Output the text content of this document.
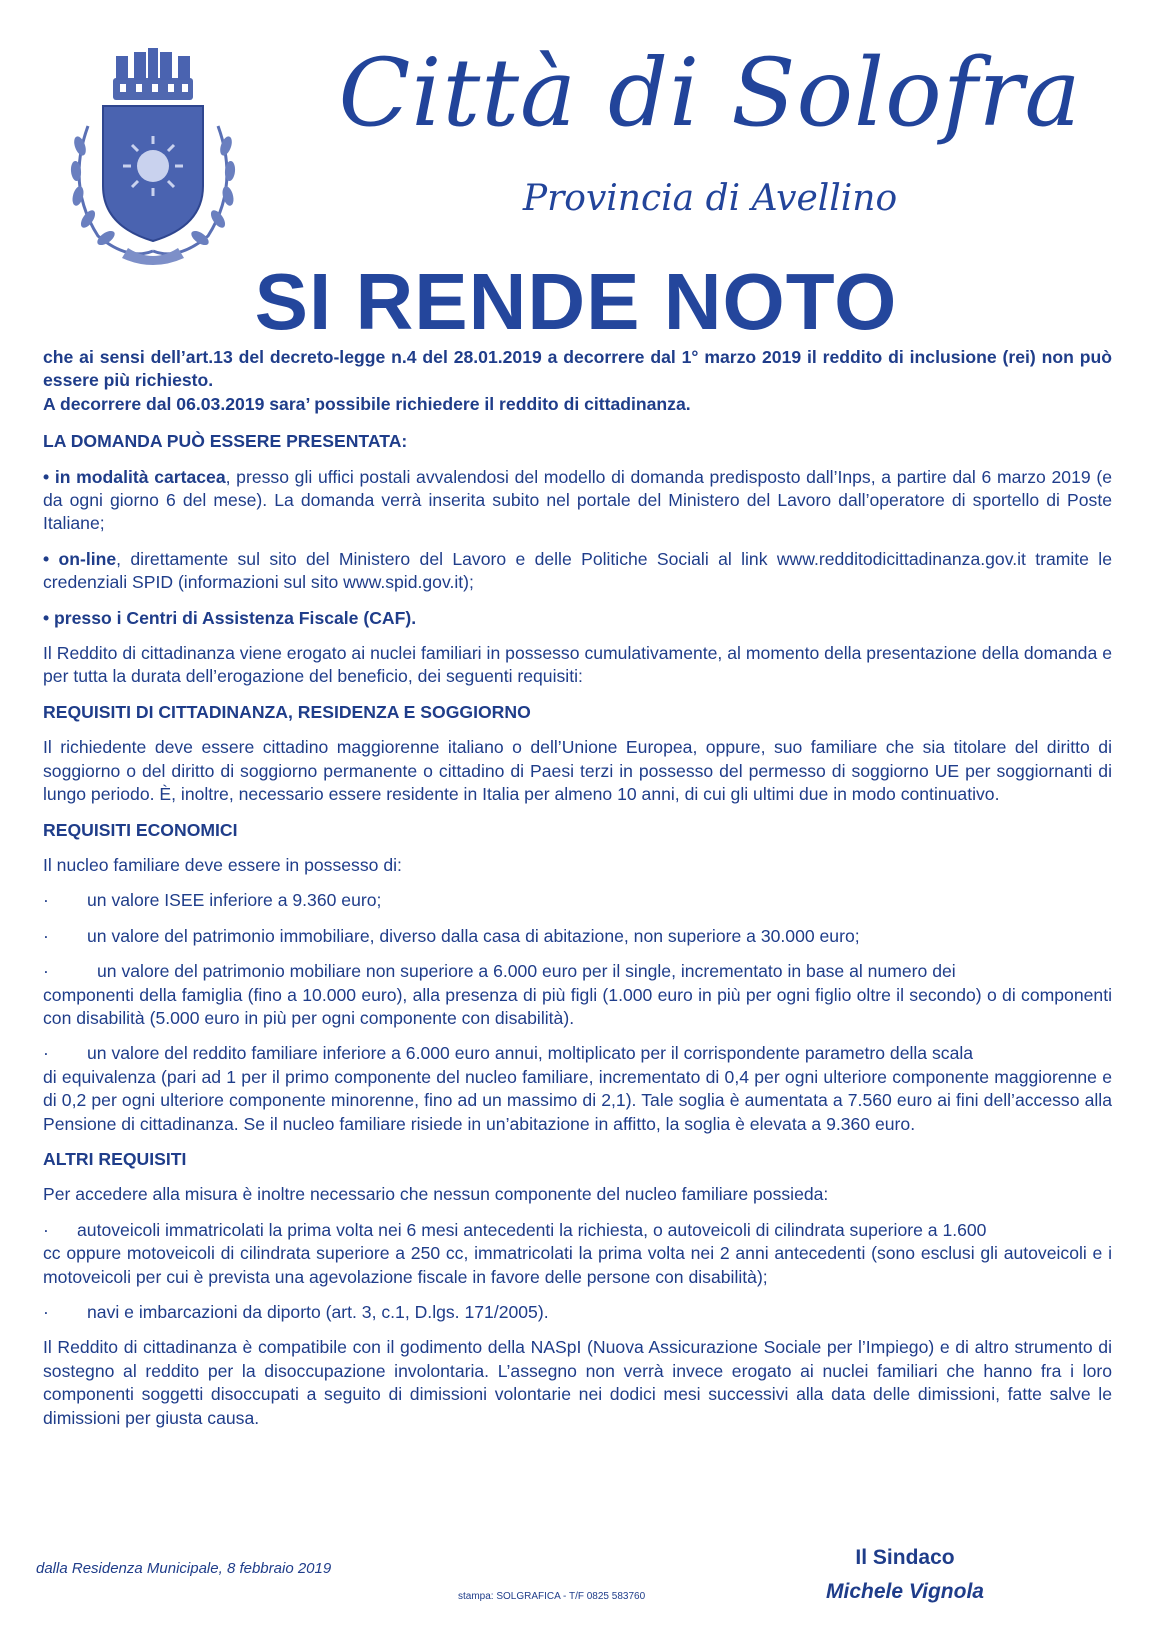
Città di Solofra
Provincia di Avellino
SI RENDE NOTO

che ai sensi dell’art.13 del decreto-legge n.4 del 28.01.2019 a decorrere dal 1° marzo 2019 il reddito di inclusione (rei) non può essere più richiesto.

A decorrere dal 06.03.2019 sara’ possibile richiedere il reddito di cittadinanza.

LA DOMANDA PUÒ ESSERE PRESENTATA:
• in modalità cartacea, presso gli uffici postali avvalendosi del modello di domanda predisposto dall’Inps, a partire dal 6 marzo 2019 (e da ogni giorno 6 del mese). La domanda verrà inserita subito nel portale del Ministero del Lavoro dall’operatore di sportello di Poste Italiane;
• on-line, direttamente sul sito del Ministero del Lavoro e delle Politiche Sociali al link www.redditodicittadinanza.gov.it tramite le credenziali SPID (informazioni sul sito www.spid.gov.it);
• presso i Centri di Assistenza Fiscale (CAF).
Il Reddito di cittadinanza viene erogato ai nuclei familiari in possesso cumulativamente, al momento della presentazione della domanda e per tutta la durata dell’erogazione del beneficio, dei seguenti requisiti:
REQUISITI DI CITTADINANZA, RESIDENZA E SOGGIORNO
Il richiedente deve essere cittadino maggiorenne italiano o dell’Unione Europea, oppure, suo familiare che sia titolare del diritto di soggiorno o del diritto di soggiorno permanente o cittadino di Paesi terzi in possesso del permesso di soggiorno UE per soggiornanti di lungo periodo. È, inoltre, necessario essere residente in Italia per almeno 10 anni, di cui gli ultimi due in modo continuativo.
REQUISITI ECONOMICI
Il nucleo familiare deve essere in possesso di:
·	un valore ISEE inferiore a 9.360 euro;
·	un valore del patrimonio immobiliare, diverso dalla casa di abitazione, non superiore a 30.000 euro;
·	un valore del patrimonio mobiliare non superiore a 6.000 euro per il single, incrementato in base al numero dei
componenti della famiglia (fino a 10.000 euro), alla presenza di più figli (1.000 euro in più per ogni figlio oltre il secondo) o di componenti con disabilità (5.000 euro in più per ogni componente con disabilità).
·	un valore del reddito familiare inferiore a 6.000 euro annui, moltiplicato per il corrispondente parametro della scala
di equivalenza (pari ad 1 per il primo componente del nucleo familiare, incrementato di 0,4 per ogni ulteriore componente maggiorenne e di 0,2 per ogni ulteriore componente minorenne, fino ad un massimo di 2,1). Tale soglia è aumentata a 7.560 euro ai fini dell’accesso alla Pensione di cittadinanza. Se il nucleo familiare risiede in un’abitazione in affitto, la soglia è elevata a 9.360 euro.
ALTRI REQUISITI
Per accedere alla misura è inoltre necessario che nessun componente del nucleo familiare possieda:
·	autoveicoli immatricolati la prima volta nei 6 mesi antecedenti la richiesta, o autoveicoli di cilindrata superiore a 1.600
cc oppure motoveicoli di cilindrata superiore a 250 cc, immatricolati la prima volta nei 2 anni antecedenti (sono esclusi gli autoveicoli e i motoveicoli per cui è prevista una agevolazione fiscale in favore delle persone con disabilità);
·	navi e imbarcazioni da diporto (art. 3, c.1, D.lgs. 171/2005).
Il Reddito di cittadinanza è compatibile con il godimento della NASpI (Nuova Assicurazione Sociale per l’Impiego) e di altro strumento di sostegno al reddito per la disoccupazione involontaria. L’assegno non verrà invece erogato ai nuclei familiari che hanno fra i loro componenti soggetti disoccupati a seguito di dimissioni volontarie nei dodici mesi successivi alla data delle dimissioni, fatte salve le dimissioni per giusta causa.
dalla Residenza Municipale, 8 febbraio 2019
stampa: SOLGRAFICA - T/F 0825 583760
Il Sindaco
Michele Vignola
